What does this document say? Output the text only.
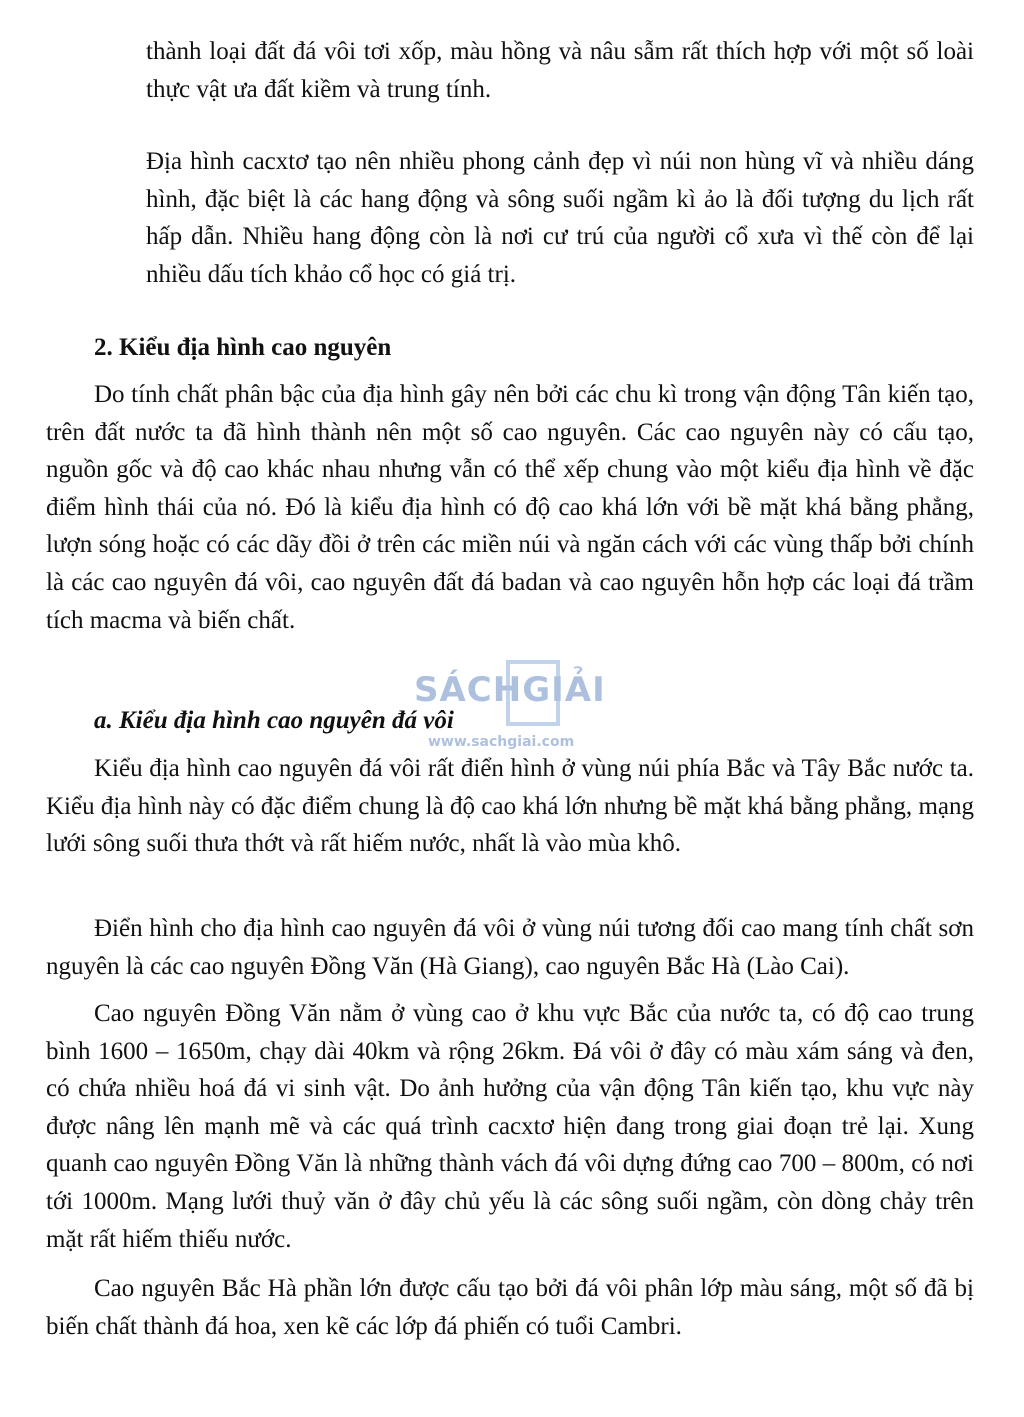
thành loại đất đá vôi tơi xốp, màu hồng và nâu sẫm rất thích hợp với một số loài thực vật ưa đất kiềm và trung tính.

Địa hình cacxtơ tạo nên nhiều phong cảnh đẹp vì núi non hùng vĩ và nhiều dáng hình, đặc biệt là các hang động và sông suối ngầm kì ảo là đối tượng du lịch rất hấp dẫn. Nhiều hang động còn là nơi cư trú của người cổ xưa vì thế còn để lại nhiều dấu tích khảo cổ học có giá trị.

2. Kiểu địa hình cao nguyên

Do tính chất phân bậc của địa hình gây nên bởi các chu kì trong vận động Tân kiến tạo, trên đất nước ta đã hình thành nên một số cao nguyên. Các cao nguyên này có cấu tạo, nguồn gốc và độ cao khác nhau nhưng vẫn có thể xếp chung vào một kiểu địa hình về đặc điểm hình thái của nó. Đó là kiểu địa hình có độ cao khá lớn với bề mặt khá bằng phẳng, lượn sóng hoặc có các dãy đồi ở trên các miền núi và ngăn cách với các vùng thấp bởi chính là các cao nguyên đá vôi, cao nguyên đất đá badan và cao nguyên hỗn hợp các loại đá trầm tích macma và biến chất.

a. Kiểu địa hình cao nguyên đá vôi

Kiểu địa hình cao nguyên đá vôi rất điển hình ở vùng núi phía Bắc và Tây Bắc nước ta. Kiểu địa hình này có đặc điểm chung là độ cao khá lớn nhưng bề mặt khá bằng phẳng, mạng lưới sông suối thưa thớt và rất hiếm nước, nhất là vào mùa khô.

Điển hình cho địa hình cao nguyên đá vôi ở vùng núi tương đối cao mang tính chất sơn nguyên là các cao nguyên Đồng Văn (Hà Giang), cao nguyên Bắc Hà (Lào Cai).

Cao nguyên Đồng Văn nằm ở vùng cao ở khu vực Bắc của nước ta, có độ cao trung bình 1600 – 1650m, chạy dài 40km và rộng 26km. Đá vôi ở đây có màu xám sáng và đen, có chứa nhiều hoá đá vi sinh vật. Do ảnh hưởng của vận động Tân kiến tạo, khu vực này được nâng lên mạnh mẽ và các quá trình cacxtơ hiện đang trong giai đoạn trẻ lại. Xung quanh cao nguyên Đồng Văn là những thành vách đá vôi dựng đứng cao 700 – 800m, có nơi tới 1000m. Mạng lưới thuỷ văn ở đây chủ yếu là các sông suối ngầm, còn dòng chảy trên mặt rất hiếm thiếu nước.

Cao nguyên Bắc Hà phần lớn được cấu tạo bởi đá vôi phân lớp màu sáng, một số đã bị biến chất thành đá hoa, xen kẽ các lớp đá phiến có tuổi Cambri.

SÁCHGIẢI
www.sachgiai.com
